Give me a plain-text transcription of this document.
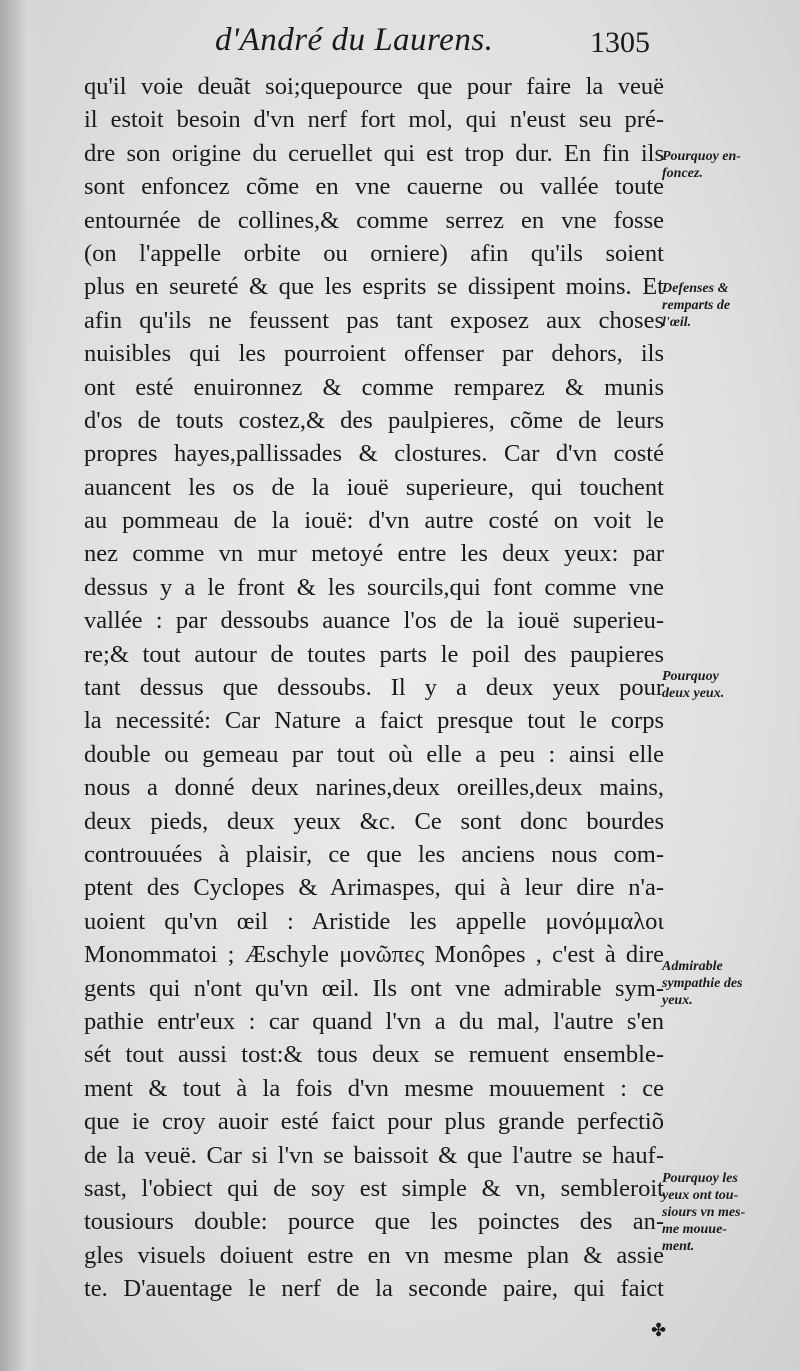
d'André du Laurens.	1305
qu'il voie deuãt soi;quepource que pour faire la veuë
il estoit besoin d'vn nerf fort mol, qui n'eust seu pré-
dre son origine du ceruellet qui est trop dur. En fin ils
sont enfoncez cõme en vne cauerne ou vallée toute
entournée de collines,& comme serrez en vne fosse
(on l'appelle orbite ou orniere) afin qu'ils soient
plus en seureté & que les esprits se dissipent moins. Et
afin qu'ils ne feussent pas tant exposez aux choses
nuisibles qui les pourroient offenser par dehors, ils
ont esté enuironnez & comme remparez & munis
d'os de touts costez,& des paulpieres, cõme de leurs
propres hayes,pallissades & clostures. Car d'vn costé
auancent les os de la iouë superieure, qui touchent
au pommeau de la iouë: d'vn autre costé on voit le
nez comme vn mur metoyé entre les deux yeux: par
dessus y a le front & les sourcils,qui font comme vne
vallée : par dessoubs auance l'os de la iouë superieu-
re;& tout autour de toutes parts le poil des paupieres
tant dessus que dessoubs. Il y a deux yeux pour
la necessité: Car Nature a faict presque tout le corps
double ou gemeau par tout où elle a peu : ainsi elle
nous a donné deux narines,deux oreilles,deux mains,
deux pieds, deux yeux &c. Ce sont donc bourdes
controuuées à plaisir, ce que les anciens nous com-
ptent des Cyclopes & Arimaspes, qui à leur dire n'a-
uoient qu'vn œil : Aristide les appelle μονόμμαλοι
Monommatoi ; Æschyle μονῶπες Monôpes , c'est à dire
gents qui n'ont qu'vn œil. Ils ont vne admirable sym-
pathie entr'eux : car quand l'vn a du mal, l'autre s'en
sét tout aussi tost:& tous deux se remuent ensemble-
ment & tout à la fois d'vn mesme mouuement : ce
que ie croy auoir esté faict pour plus grande perfectiõ
de la veuë. Car si l'vn se baissoit & que l'autre se hauf-
sast, l'obiect qui de soy est simple & vn, sembleroit
tousiours double: pource que les poinctes des an-
gles visuels doiuent estre en vn mesme plan & assie
te. D'auentage le nerf de la seconde paire, qui faict
Pourquoy en-
foncez.
Defenses &
remparts de
l'œil.
Pourquoy
deux yeux.
Admirable
sympathie des
yeux.
Pourquoy les
yeux ont tou-
siours vn mes-
me mouue-
ment.
✤
